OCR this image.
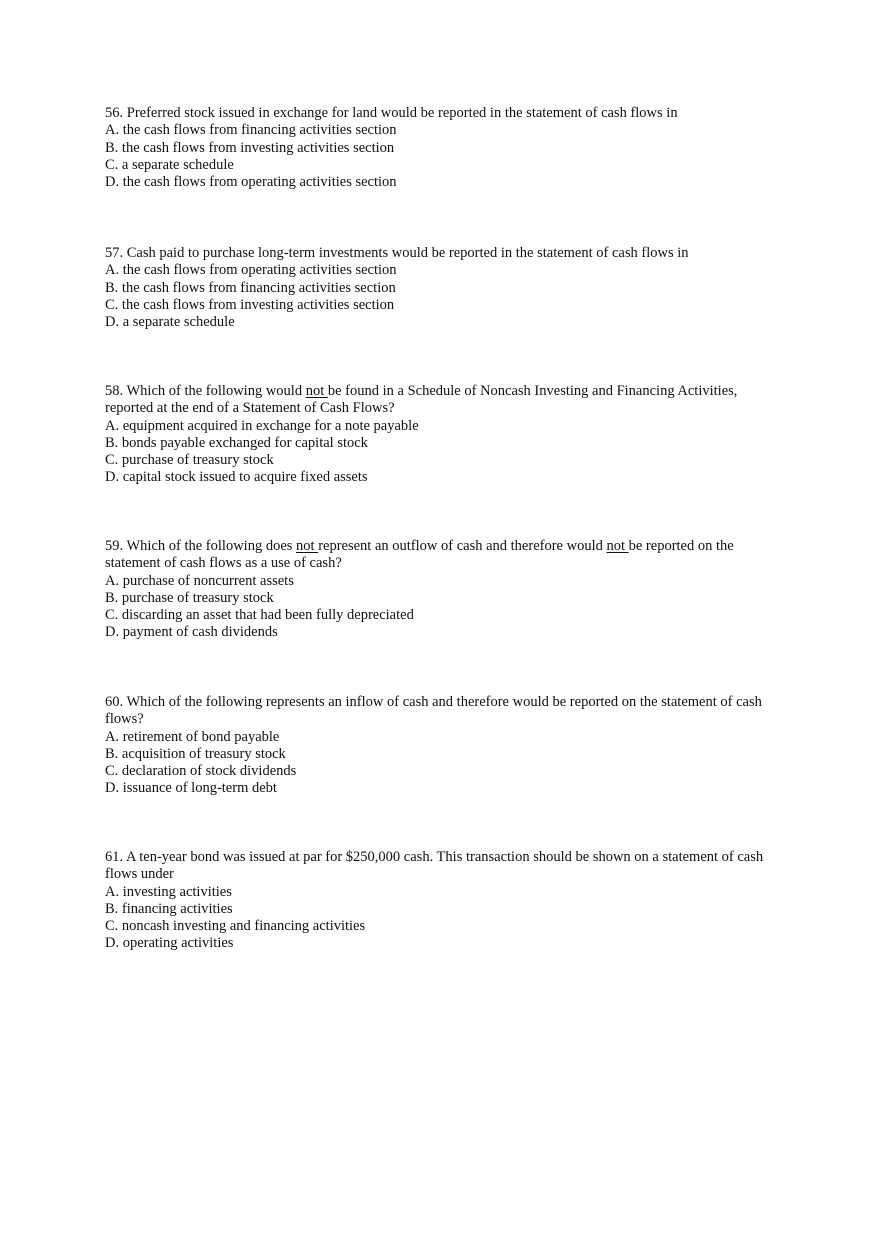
56. Preferred stock issued in exchange for land would be reported in the statement of cash flows in
A. the cash flows from financing activities section
B. the cash flows from investing activities section
C. a separate schedule
D. the cash flows from operating activities section
57. Cash paid to purchase long-term investments would be reported in the statement of cash flows in
A. the cash flows from operating activities section
B. the cash flows from financing activities section
C. the cash flows from investing activities section
D. a separate schedule
58. Which of the following would not be found in a Schedule of Noncash Investing and Financing Activities, reported at the end of a Statement of Cash Flows?
A. equipment acquired in exchange for a note payable
B. bonds payable exchanged for capital stock
C. purchase of treasury stock
D. capital stock issued to acquire fixed assets
59. Which of the following does not represent an outflow of cash and therefore would not be reported on the statement of cash flows as a use of cash?
A. purchase of noncurrent assets
B. purchase of treasury stock
C. discarding an asset that had been fully depreciated
D. payment of cash dividends
60. Which of the following represents an inflow of cash and therefore would be reported on the statement of cash flows?
A. retirement of bond payable
B. acquisition of treasury stock
C. declaration of stock dividends
D. issuance of long-term debt
61. A ten-year bond was issued at par for $250,000 cash. This transaction should be shown on a statement of cash flows under
A. investing activities
B. financing activities
C. noncash investing and financing activities
D. operating activities
